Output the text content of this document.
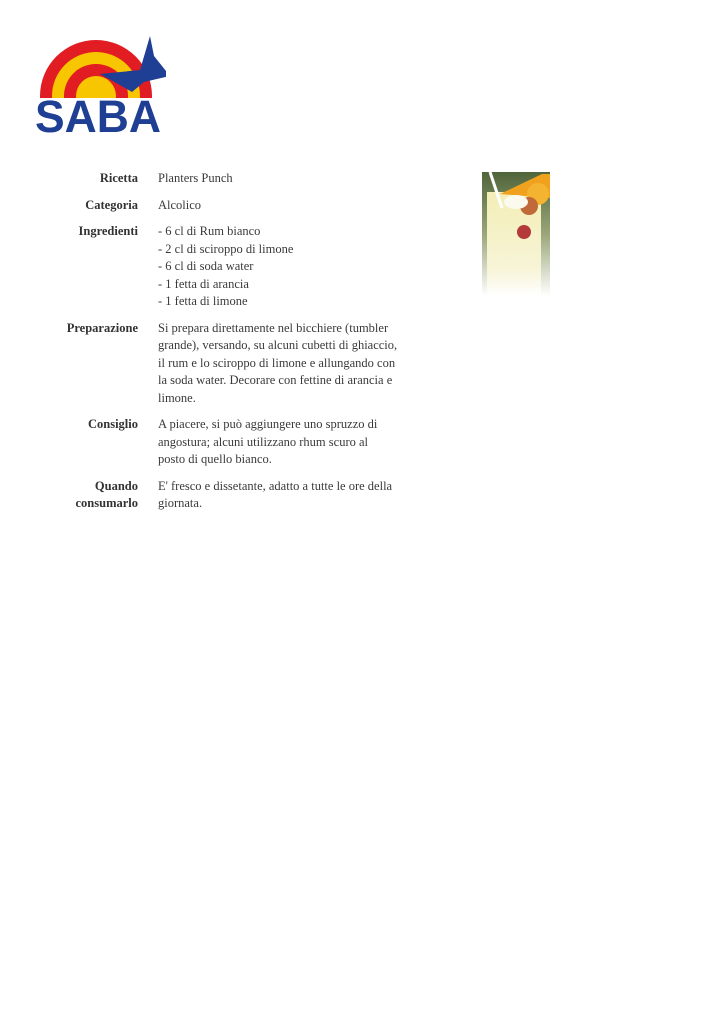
SABA
Ricetta Planters Punch
Categoria Alcolico
Ingredienti - 6 cl di Rum bianco
- 2 cl di sciroppo di limone
- 6 cl di soda water
- 1 fetta di arancia
- 1 fetta di limone
Preparazione Si prepara direttamente nel bicchiere (tumbler grande), versando, su alcuni cubetti di ghiaccio, il rum e lo sciroppo di limone e allungando con la soda water. Decorare con fettine di arancia e limone.
Consiglio A piacere, si può aggiungere uno spruzzo di angostura; alcuni utilizzano rhum scuro al posto di quello bianco.
Quando consumarlo
E' fresco e dissetante, adatto a tutte le ore della giornata.
